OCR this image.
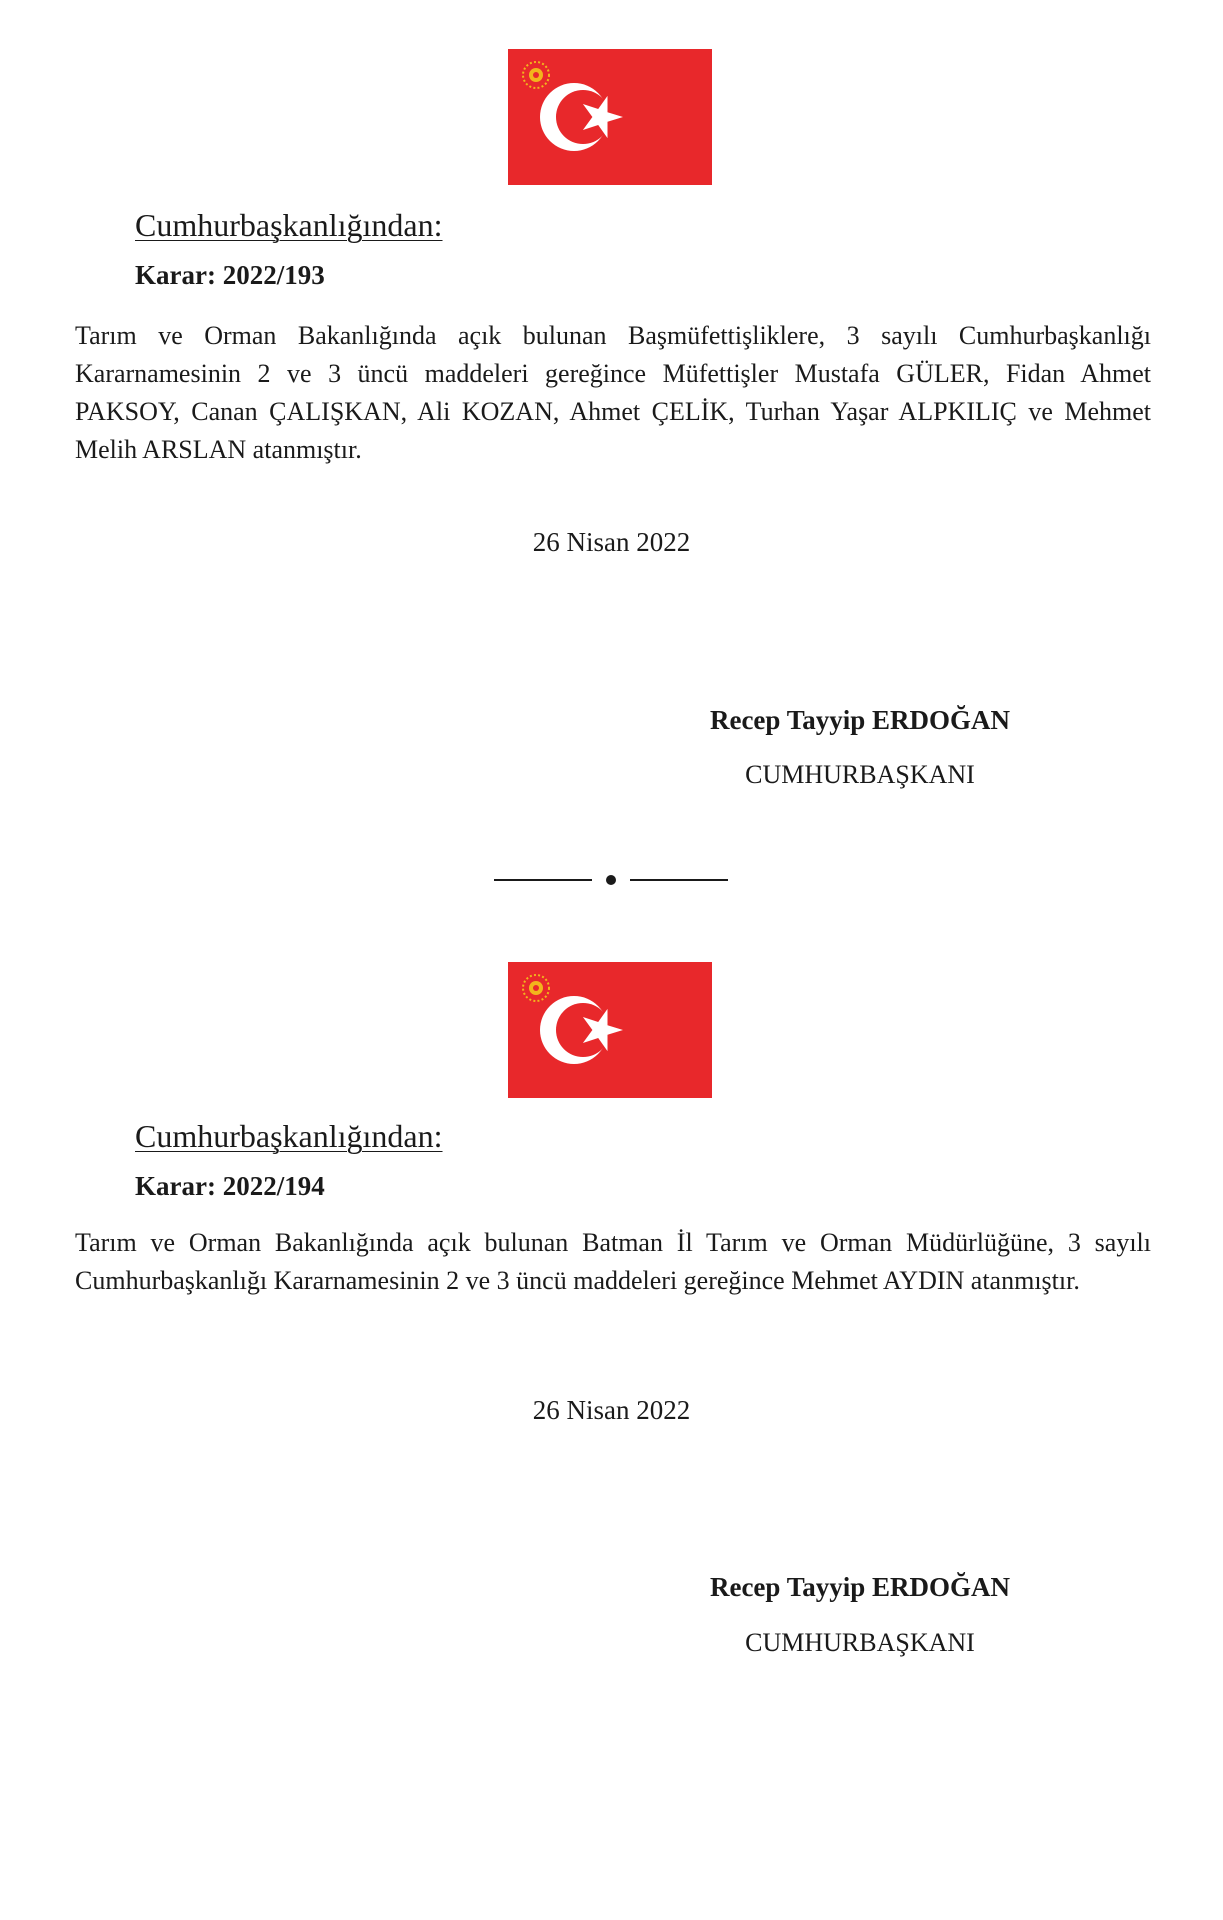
Cumhurbaşkanlığından:
Karar: 2022/193

Tarım ve Orman Bakanlığında açık bulunan Başmüfettişliklere, 3 sayılı Cumhurbaşkanlığı Kararnamesinin 2 ve 3 üncü maddeleri gereğince Müfettişler Mustafa GÜLER, Fidan Ahmet PAKSOY, Canan ÇALIŞKAN, Ali KOZAN, Ahmet ÇELİK, Turhan Yaşar ALPKILIÇ ve Mehmet Melih ARSLAN atanmıştır.

26 Nisan 2022
Recep Tayyip ERDOĞAN
CUMHURBAŞKANI
Cumhurbaşkanlığından:
Karar: 2022/194

Tarım ve Orman Bakanlığında açık bulunan Batman İl Tarım ve Orman Müdürlüğüne, 3 sayılı Cumhurbaşkanlığı Kararnamesinin 2 ve 3 üncü maddeleri gereğince Mehmet AYDIN atanmıştır.

26 Nisan 2022
Recep Tayyip ERDOĞAN
CUMHURBAŞKANI
